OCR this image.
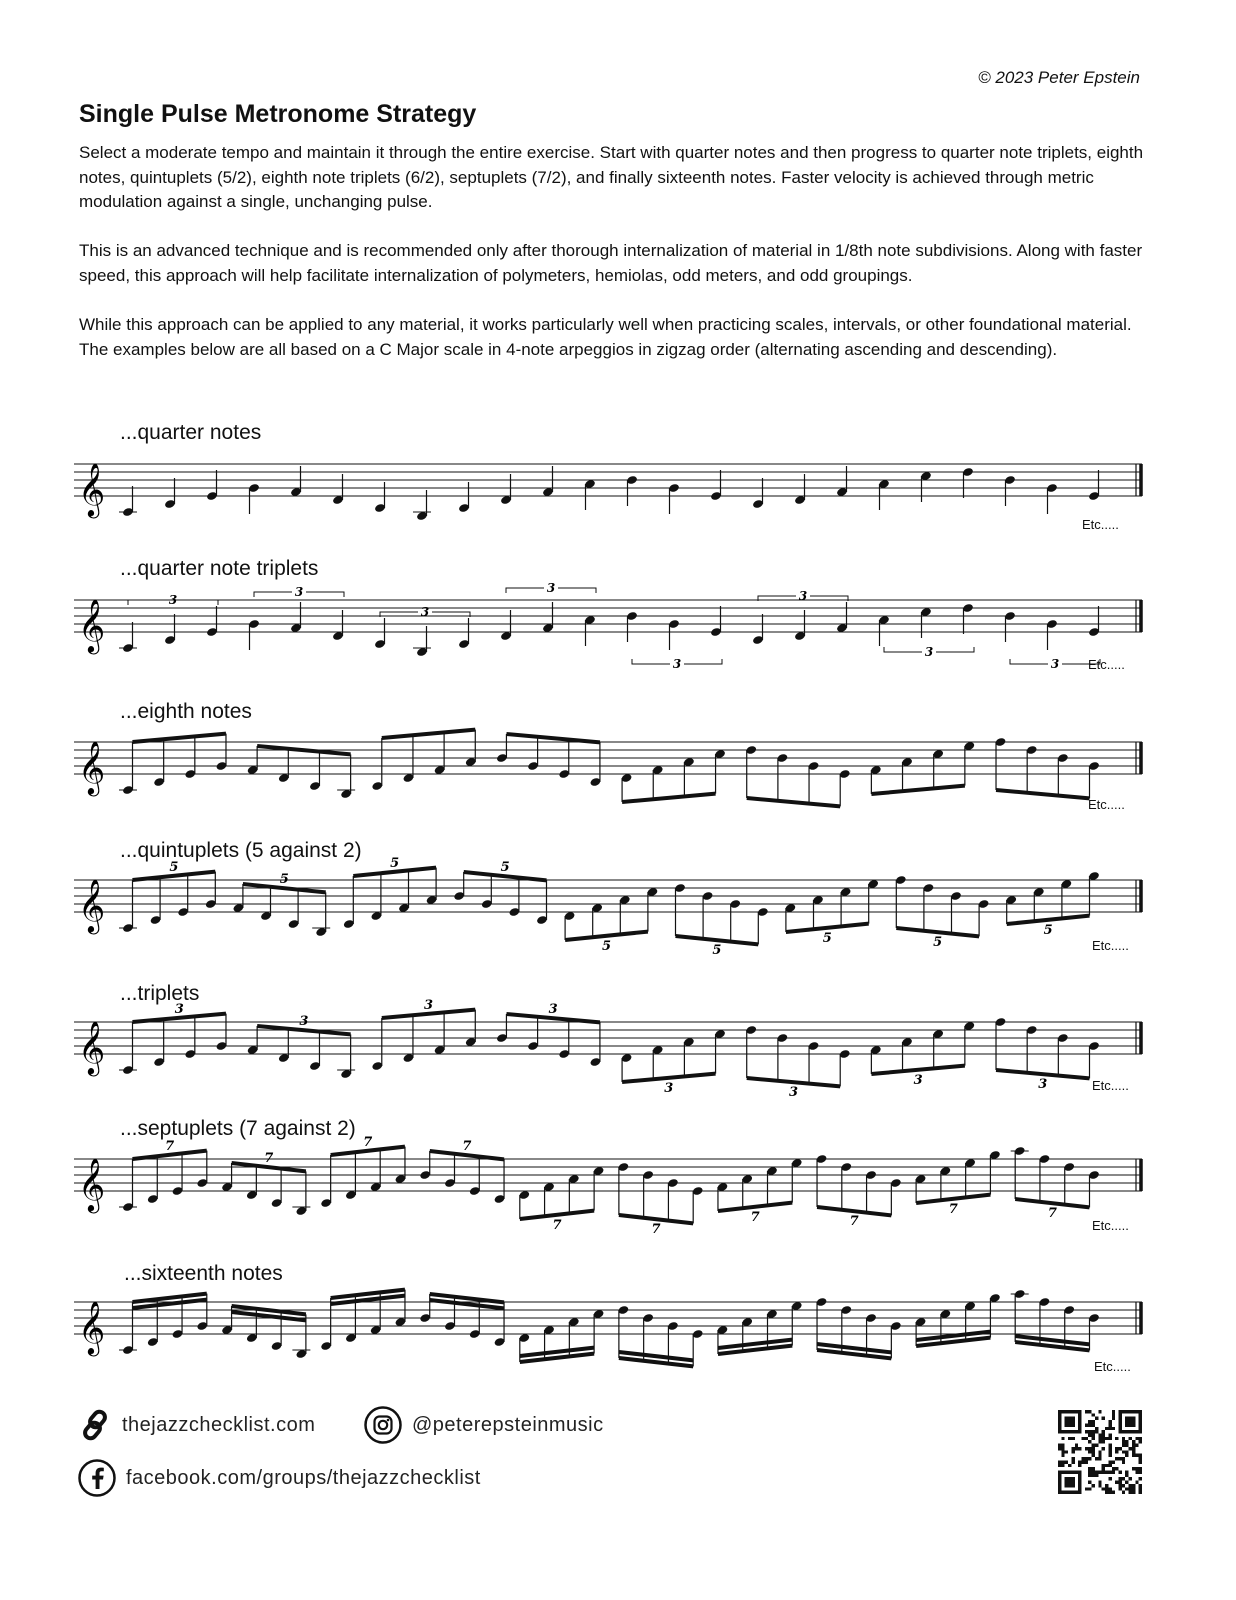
© 2023 Peter Epstein
Single Pulse Metronome Strategy
Select a moderate tempo and maintain it through the entire exercise. Start with quarter notes and then progress to quarter note triplets, eighth notes, quintuplets (5/2), eighth note triplets (6/2), septuplets (7/2), and finally sixteenth notes. Faster velocity is achieved through metric modulation against a single, unchanging pulse.
This is an advanced technique and is recommended only after thorough internalization of material in 1/8th note subdivisions. Along with faster speed, this approach will help facilitate internalization of polymeters, hemiolas, odd meters, and odd groupings.
While this approach can be applied to any material, it works particularly well when practicing scales, intervals, or other foundational material. The examples below are all based on a C Major scale in 4-note arpeggios in zigzag order (alternating ascending and descending).
...quarter notes
𝄞
Etc.....
...quarter note triplets
𝄞	3
3
3
3
3
3
3
3 Etc.....
...eighth notes
𝄞
Etc.....
...quintuplets (5 against 2)
𝄞
5
5
5	5
5	5
5	5
5
Etc.....
...triplets
𝄞
3
3
3	3
3	3
3	3	Etc.....
...septuplets (7 against 2)
𝄞
7
7
7	7
7	7
7	7
7	7
Etc.....
...sixteenth notes
𝄞
Etc.....
thejazzchecklist.com	@peterepsteinmusic
facebook.com/groups/thejazzchecklist
